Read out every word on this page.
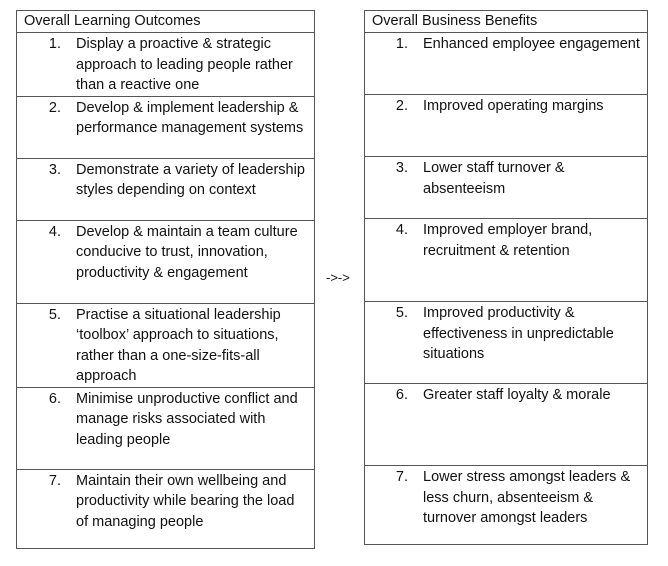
Overall Learning Outcomes

1.	Display a proactive & strategic approach to leading people rather than a reactive one

2.	Develop & implement leadership & performance management systems

3.	Demonstrate a variety of leadership styles depending on context

4.	Develop & maintain a team culture conducive to trust, innovation, productivity & engagement

5.	Practise a situational leadership ‘toolbox’ approach to situations, rather than a one-size-fits-all approach

6.	Minimise unproductive conflict and manage risks associated with leading people

7.	Maintain their own wellbeing and productivity while bearing the load of managing people
->->
Overall Business Benefits

1.	Enhanced employee engagement

2.	Improved operating margins

3.	Lower staff turnover & absenteeism

4.	Improved employer brand, recruitment & retention

5.	Improved productivity & effectiveness in unpredictable situations

6.	Greater staff loyalty & morale

7.	Lower stress amongst leaders & less churn, absenteeism & turnover amongst leaders
